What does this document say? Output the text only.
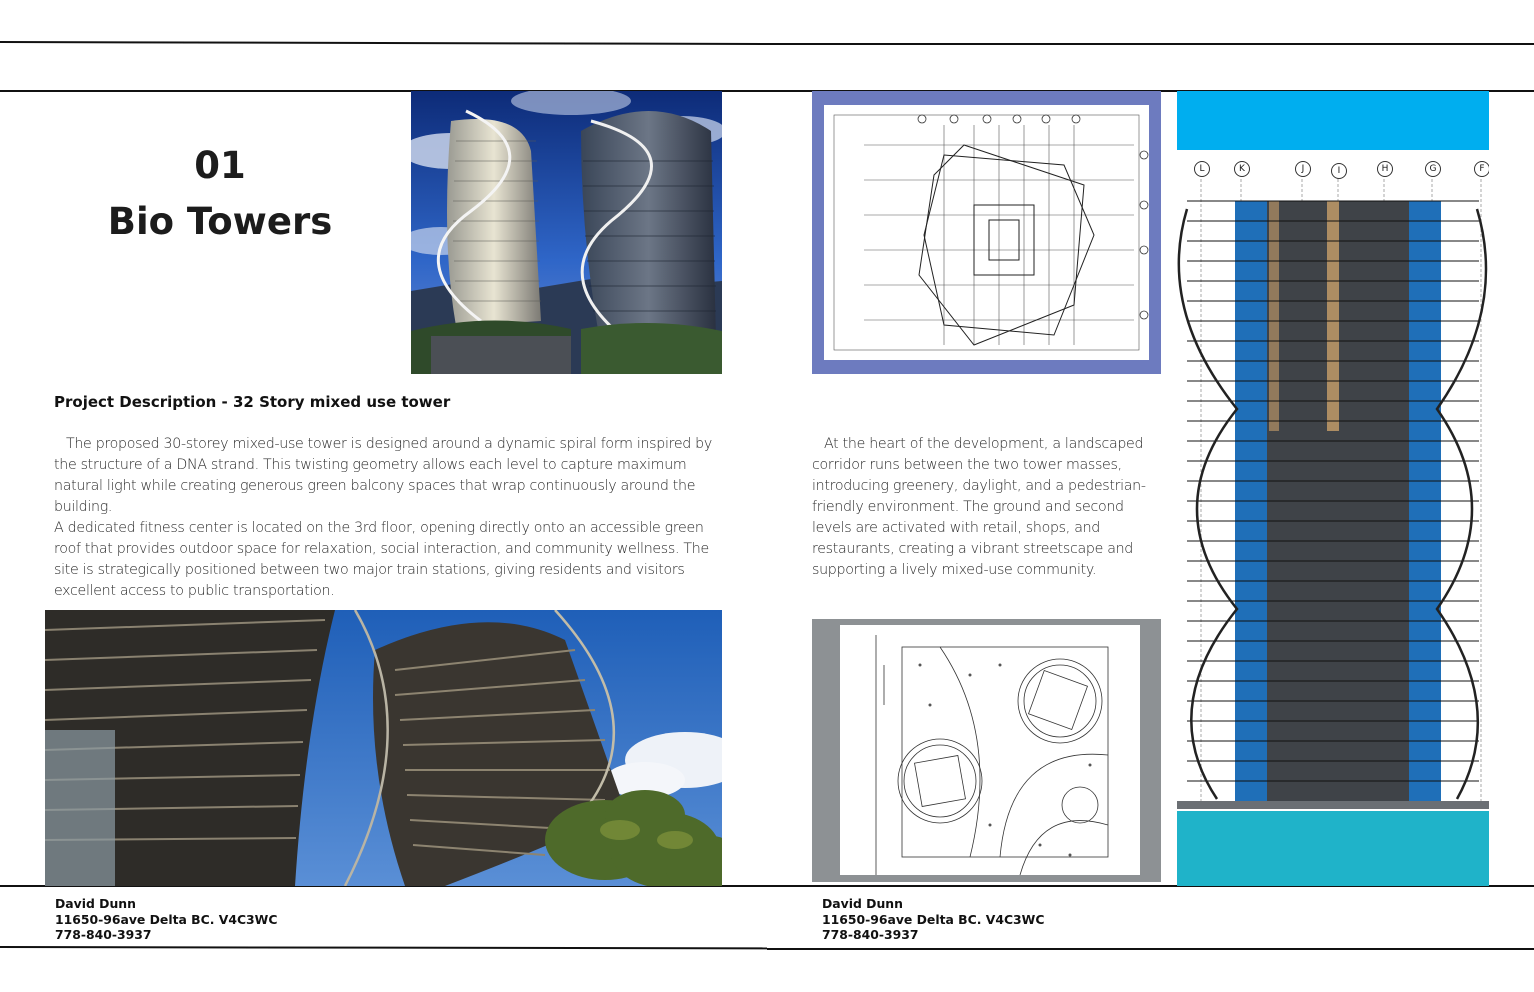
01
Bio Towers
Project Description - 32 Story mixed use tower
The proposed 30-storey mixed-use tower is designed around a dynamic spiral form inspired by the structure of a DNA strand. This twisting geometry allows each level to capture maximum natural light while creating generous green balcony spaces that wrap continuously around the building.
A dedicated fitness center is located on the 3rd floor, opening directly onto an accessible green roof that provides outdoor space for relaxation, social interaction, and community wellness. The site is strategically positioned between two major train stations, giving residents and visitors excellent access to public transportation.
At the heart of the development, a landscaped corridor runs between the two tower masses, introducing greenery, daylight, and a pedestrian-friendly environment. The ground and second levels are activated with retail, shops, and restaurants, creating a vibrant streetscape and supporting a lively mixed-use community.
L	K	J	I	H	G	F
David Dunn
11650-96ave Delta BC. V4C3WC
778-840-3937
David Dunn
11650-96ave Delta BC. V4C3WC
778-840-3937
